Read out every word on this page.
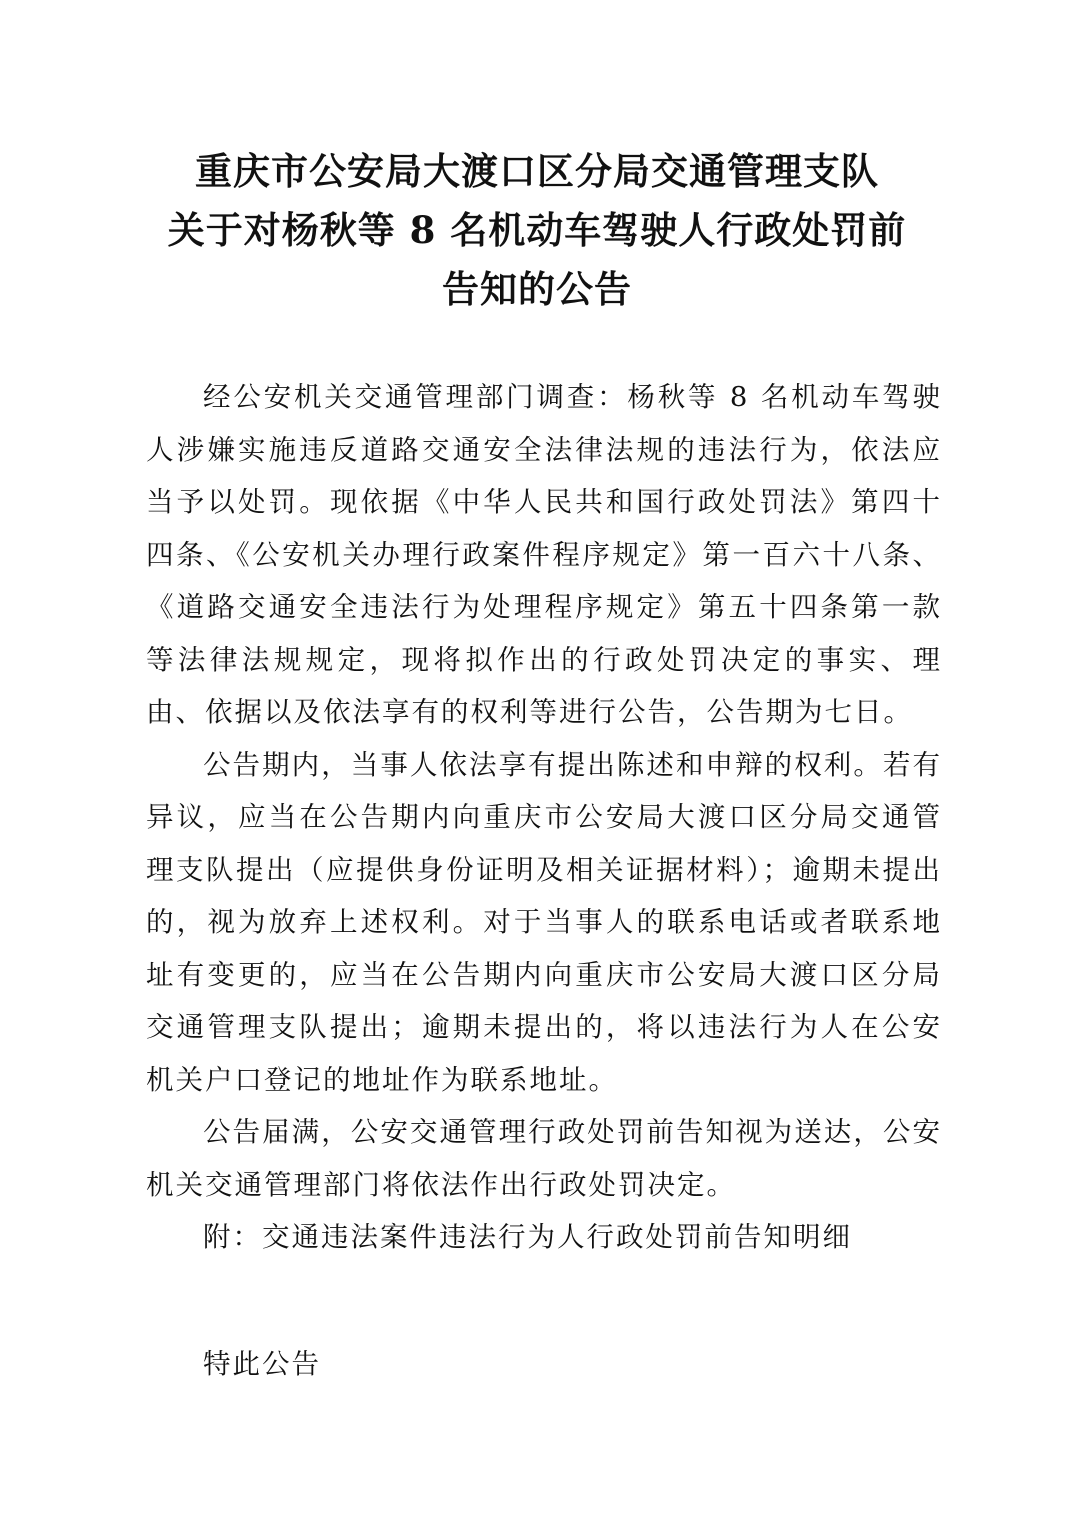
重庆市公安局大渡口区分局交通管理支队
关于对杨秋等 8 名机动车驾驶人行政处罚前
告知的公告

经公安机关交通管理部门调查：杨秋等 8 名机动车驾驶人涉嫌实施违反道路交通安全法律法规的违法行为，依法应当予以处罚。现依据《中华人民共和国行政处罚法》第四十四条、《公安机关办理行政案件程序规定》第一百六十八条、《道路交通安全违法行为处理程序规定》第五十四条第一款等法律法规规定，现将拟作出的行政处罚决定的事实、理由、依据以及依法享有的权利等进行公告，公告期为七日。

公告期内，当事人依法享有提出陈述和申辩的权利。若有异议，应当在公告期内向重庆市公安局大渡口区分局交通管理支队提出（应提供身份证明及相关证据材料）；逾期未提出的，视为放弃上述权利。对于当事人的联系电话或者联系地址有变更的，应当在公告期内向重庆市公安局大渡口区分局交通管理支队提出；逾期未提出的，将以违法行为人在公安机关户口登记的地址作为联系地址。

公告届满，公安交通管理行政处罚前告知视为送达，公安机关交通管理部门将依法作出行政处罚决定。

附：交通违法案件违法行为人行政处罚前告知明细

特此公告
